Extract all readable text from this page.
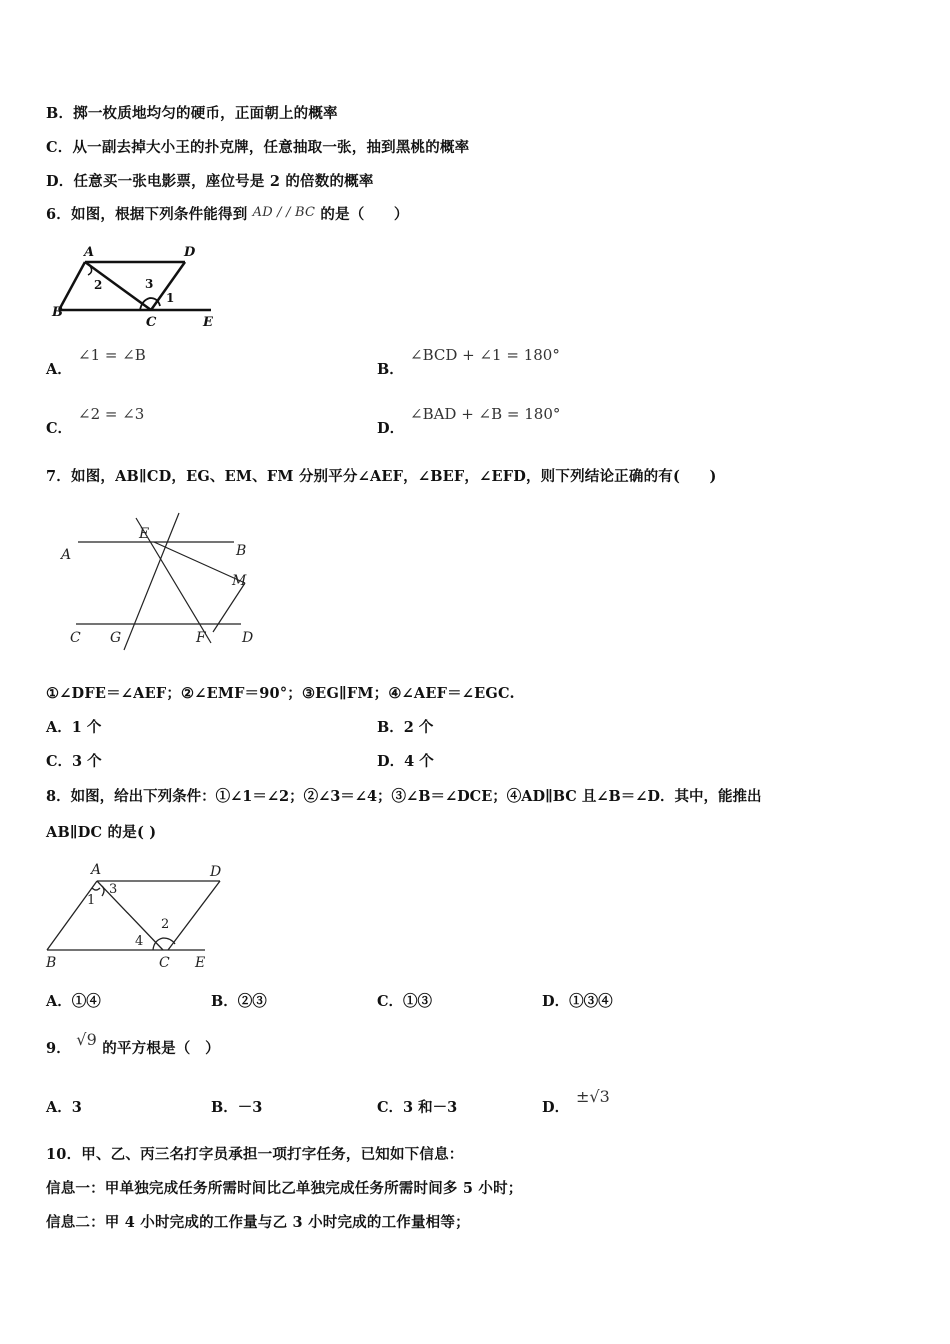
B．掷一枚质地均匀的硬币，正面朝上的概率
C．从一副去掉大小王的扑克牌，任意抽取一张，抽到黑桃的概率
D．任意买一张电影票，座位号是 2 的倍数的概率
6．如图，根据下列条件能得到 AD / / BC 的是（　　）
A	D
B
C	E
2	3
1
A．
∠1 = ∠B
B．
∠BCD + ∠1 = 180°
C．
∠2 = ∠3
D．
∠BAD + ∠B = 180°
7．如图，AB∥CD，EG、EM、FM 分别平分∠AEF，∠BEF，∠EFD，则下列结论正确的有(　　)
A
E
B
M
C G	F	D
①∠DFE＝∠AEF；②∠EMF＝90°；③EG∥FM；④∠AEF＝∠EGC.
A．1 个	B．2 个
C．3 个	D．4 个
8．如图，给出下列条件：①∠1＝∠2；②∠3＝∠4；③∠B＝∠DCE；④AD∥BC 且∠B＝∠D．其中，能推出
AB∥DC 的是( )
A	D
B	C E
3
1
2
4
A．①④	B．②③	C．①③	D．①③④
9． √9 的平方根是（　）
A．3	B．－3	C．3 和－3	D．
±√3
10．甲、乙、丙三名打字员承担一项打字任务，已知如下信息：
信息一：甲单独完成任务所需时间比乙单独完成任务所需时间多 5 小时；
信息二：甲 4 小时完成的工作量与乙 3 小时完成的工作量相等；
